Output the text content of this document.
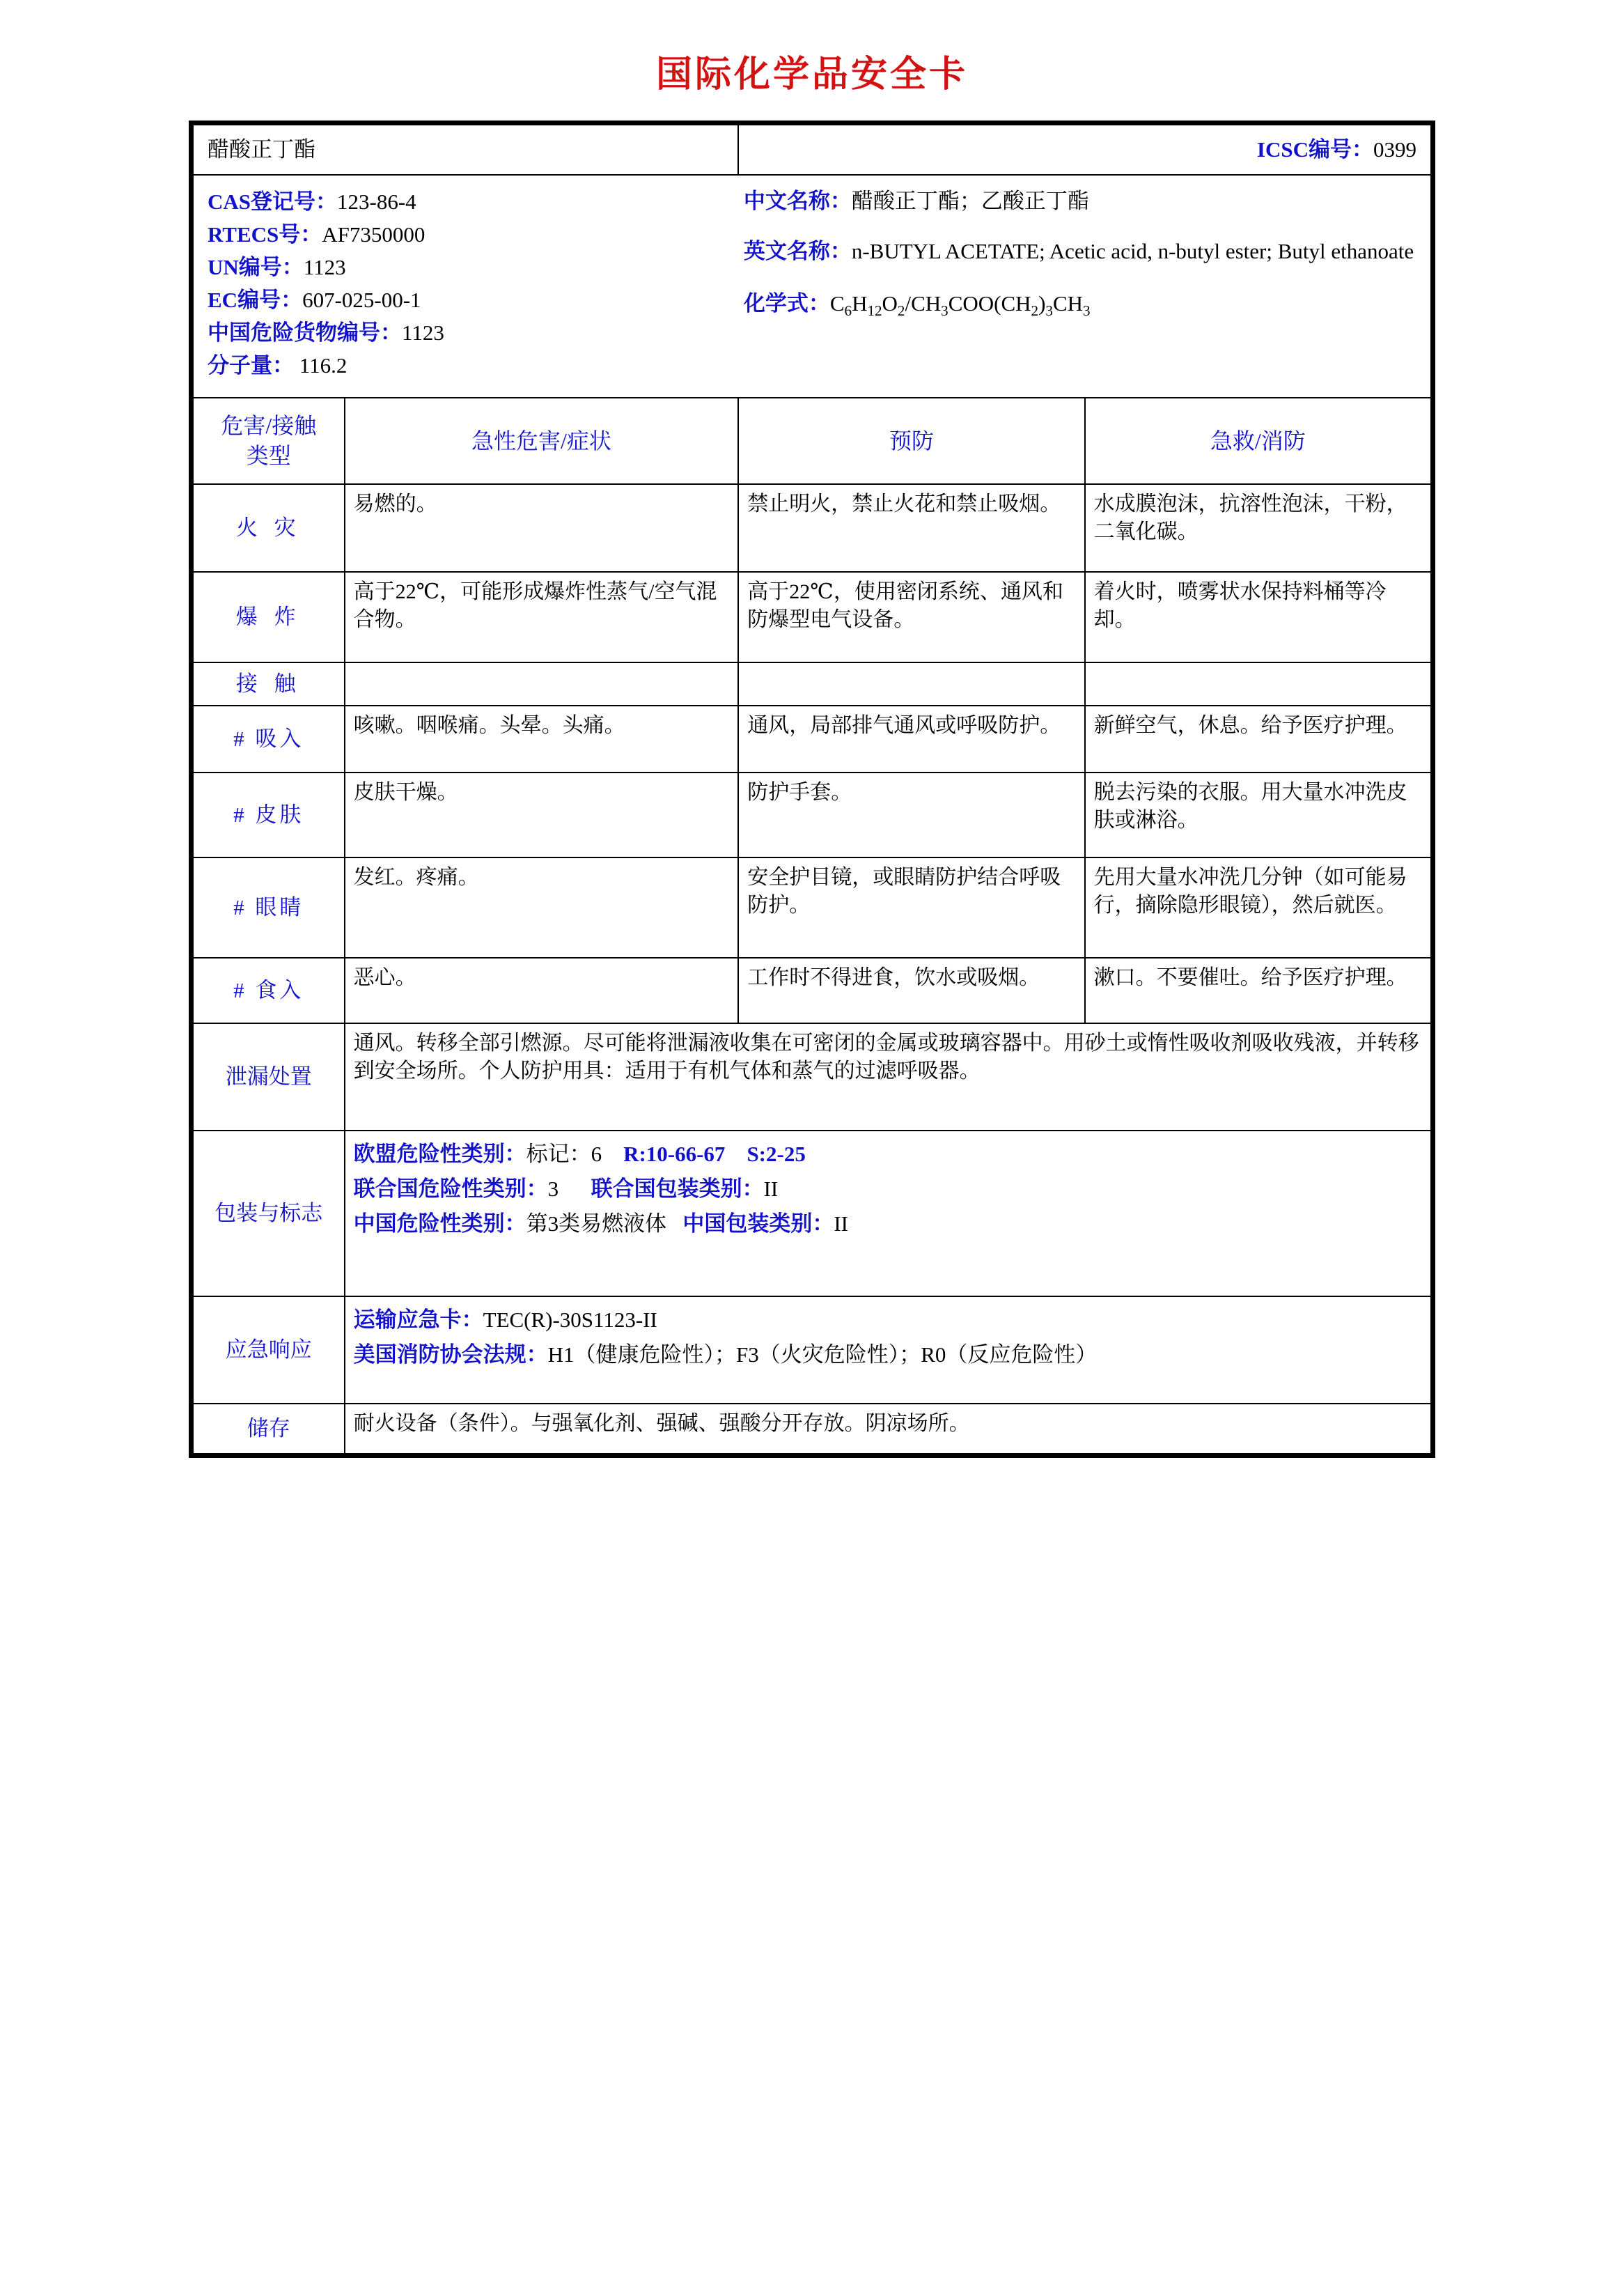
国际化学品安全卡
醋酸正丁酯		ICSC编号：0399	

CAS登记号：123-86-4
RTECS号：AF7350000
UN编号：1123
EC编号：607-025-00-1
中国危险货物编号：1123
分子量： 116.2
中文名称：醋酸正丁酯；乙酸正丁酯
英文名称：n-BUTYL ACETATE; Acetic acid, n-butyl ester; Butyl ethanoate
化学式：$C_6H_{12}O_2/CH_3COO(CH_2)_3CH_3$

危害/接触
类型	急性危害/症状	预防	急救/消防
火 灾	易燃的。	禁止明火，禁止火花和禁止吸烟。	水成膜泡沫，抗溶性泡沫，干粉，二氧化碳。
爆 炸	高于22℃，可能形成爆炸性蒸气/空气混合物。	高于22℃，使用密闭系统、通风和防爆型电气设备。	着火时，喷雾状水保持料桶等冷却。
接 触			
# 吸入	咳嗽。咽喉痛。头晕。头痛。	通风，局部排气通风或呼吸防护。	新鲜空气，休息。给予医疗护理。
# 皮肤	皮肤干燥。	防护手套。	脱去污染的衣服。用大量水冲洗皮肤或淋浴。
# 眼睛	发红。疼痛。	安全护目镜，或眼睛防护结合呼吸防护。	先用大量水冲洗几分钟（如可能易行，摘除隐形眼镜），然后就医。
# 食入	恶心。	工作时不得进食，饮水或吸烟。	漱口。不要催吐。给予医疗护理。
泄漏处置	通风。转移全部引燃源。尽可能将泄漏液收集在可密闭的金属或玻璃容器中。用砂土或惰性吸收剂吸收残液，并转移到安全场所。个人防护用具：适用于有机气体和蒸气的过滤呼吸器。		
包装与标志	欧盟危险性类别：标记：6 R:10-66-67 S:2-25
联合国危险性类别：3 联合国包装类别：II
中国危险性类别：第3类易燃液体 中国包装类别：II		

应急响应	运输应急卡：TEC(R)-30S1123-II
美国消防协会法规：H1（健康危险性）；F3（火灾危险性）；R0（反应危险性）		

储存	耐火设备（条件）。与强氧化剂、强碱、强酸分开存放。阴凉场所。		
